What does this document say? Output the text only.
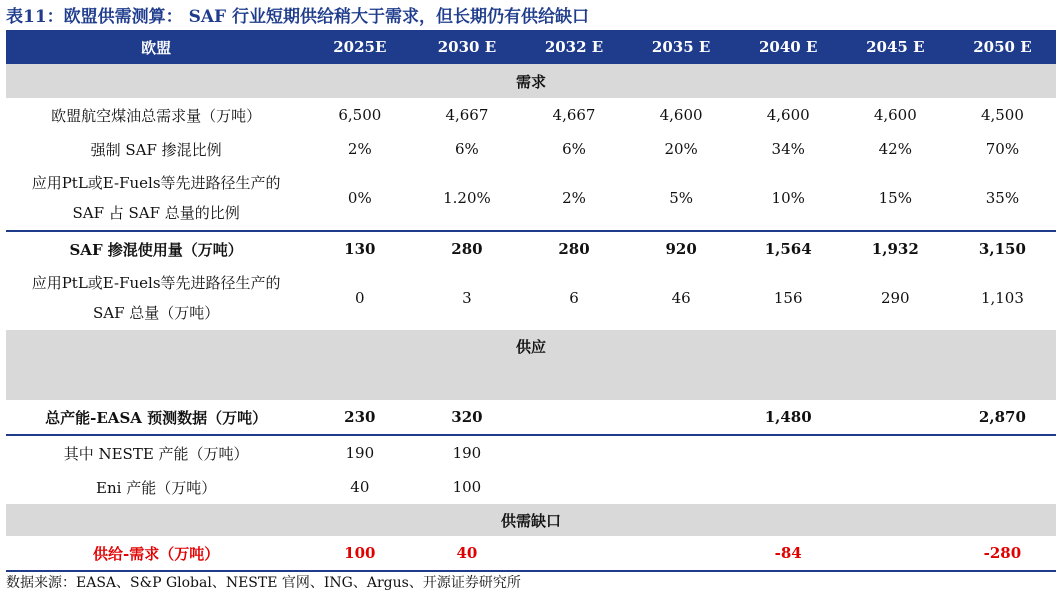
表11：欧盟供需测算： SAF 行业短期供给稍大于需求，但长期仍有供给缺口
欧盟	2025E	2030 E	2032 E	2035 E	2040 E	2045 E	2050 E
需求							
欧盟航空煤油总需求量（万吨）	6,500	4,667	4,667	4,600	4,600	4,600	4,500
强制 SAF 掺混比例	2%	6%	6%	20%	34%	42%	70%

应用PtL或E-Fuels等先进路径生产的
SAF 占 SAF 总量的比例	0%	1.20%	2%	5%	10%	15%	35%
SAF 掺混使用量（万吨）	130	280	280	920	1,564	1,932	3,150

应用PtL或E-Fuels等先进路径生产的
SAF 总量（万吨）	0	3	6	46	156	290	1,103
供应							
总产能-EASA 预测数据（万吨）	230	320			1,480		2,870
其中 NESTE 产能（万吨）	190	190					
Eni 产能（万吨）	40	100					
供需缺口							
供给-需求（万吨）	100	40			-84		-280
数据来源：EASA、S&P Global、NESTE 官网、ING、Argus、开源证券研究所
